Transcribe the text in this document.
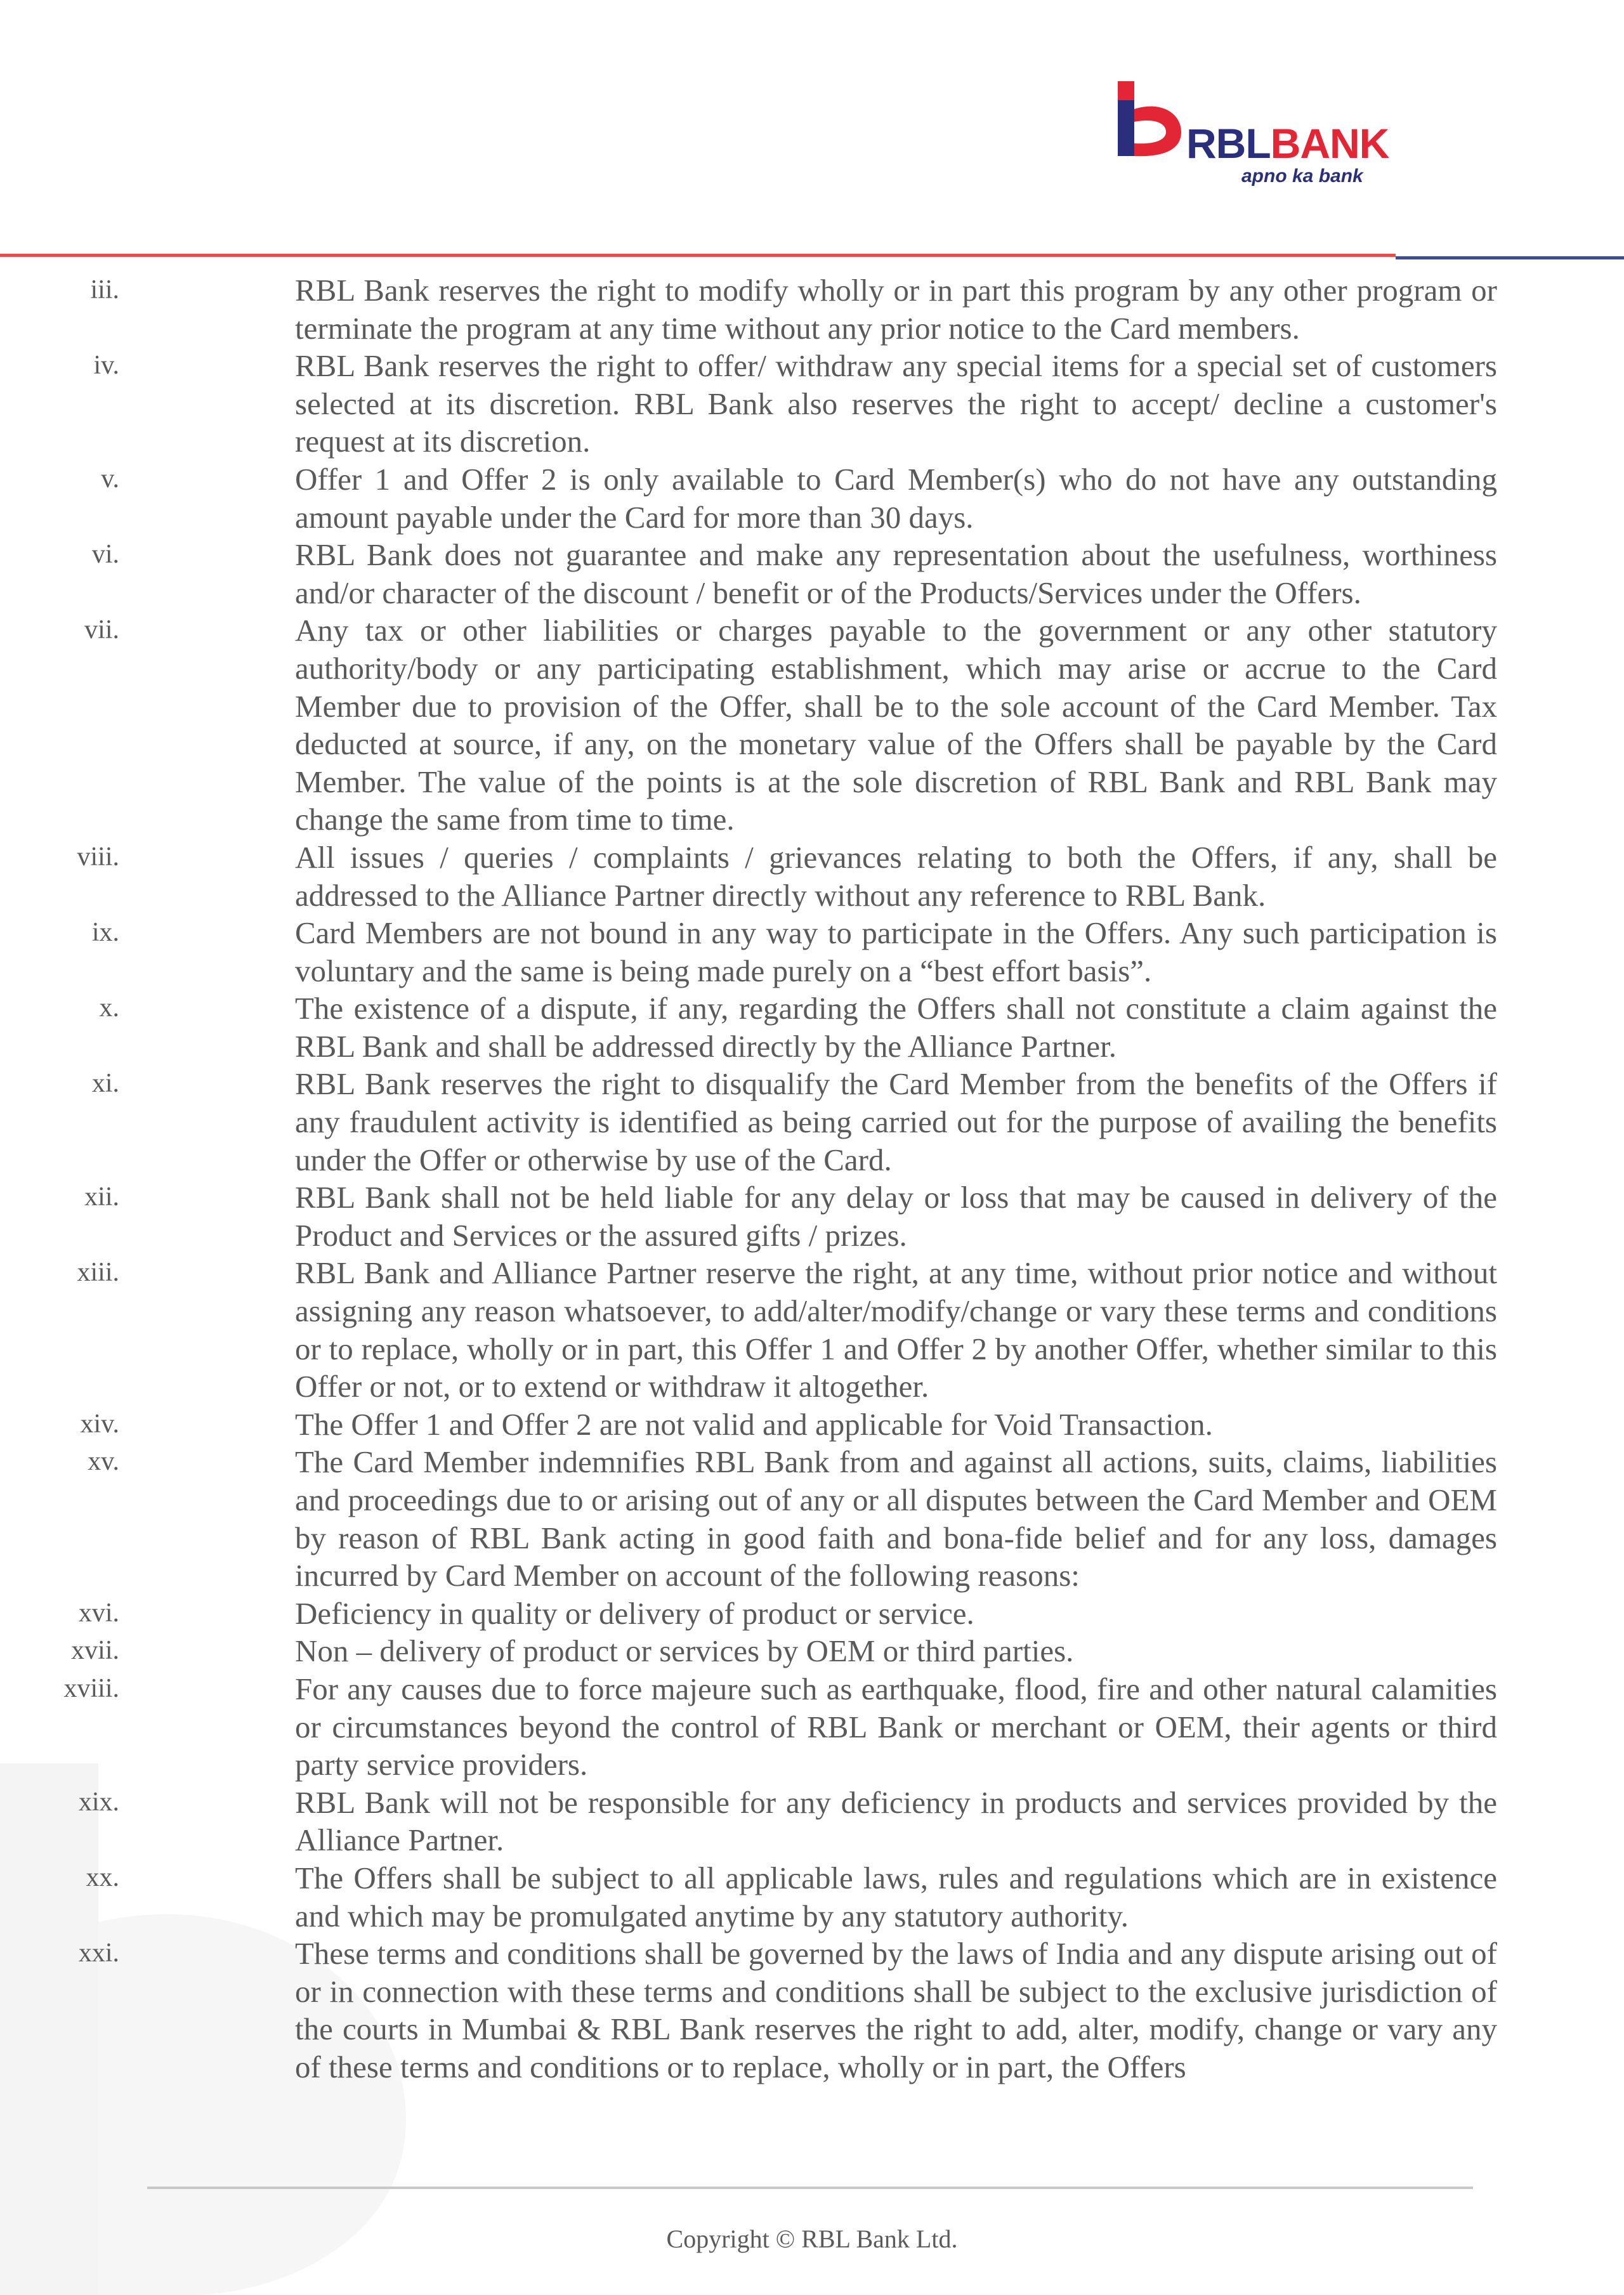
RBLBANK
apno ka bank
iii.	RBL Bank reserves the right to modify wholly or in part this program by any other program or terminate the program at any time without any prior notice to the Card members.
iv.	RBL Bank reserves the right to offer/ withdraw any special items for a special set of customers selected at its discretion. RBL Bank also reserves the right to accept/ decline a customer's request at its discretion.
v.	Offer 1 and Offer 2 is only available to Card Member(s) who do not have any outstanding amount payable under the Card for more than 30 days.
vi.	RBL Bank does not guarantee and make any representation about the usefulness, worthiness and/or character of the discount / benefit or of the Products/Services under the Offers.
vii.	Any tax or other liabilities or charges payable to the government or any other statutory authority/body or any participating establishment, which may arise or accrue to the Card Member due to provision of the Offer, shall be to the sole account of the Card Member. Tax deducted at source, if any, on the monetary value of the Offers shall be payable by the Card Member. The value of the points is at the sole discretion of RBL Bank and RBL Bank may change the same from time to time.
viii.	All issues / queries / complaints / grievances relating to both the Offers, if any, shall be addressed to the Alliance Partner directly without any reference to RBL Bank.
ix.	Card Members are not bound in any way to participate in the Offers. Any such participation is voluntary and the same is being made purely on a “best effort basis”.
x.	The existence of a dispute, if any, regarding the Offers shall not constitute a claim against the RBL Bank and shall be addressed directly by the Alliance Partner.
xi.	RBL Bank reserves the right to disqualify the Card Member from the benefits of the Offers if any fraudulent activity is identified as being carried out for the purpose of availing the benefits under the Offer or otherwise by use of the Card.
xii.	RBL Bank shall not be held liable for any delay or loss that may be caused in delivery of the Product and Services or the assured gifts / prizes.
xiii.	RBL Bank and Alliance Partner reserve the right, at any time, without prior notice and without assigning any reason whatsoever, to add/alter/modify/change or vary these terms and conditions or to replace, wholly or in part, this Offer 1 and Offer 2 by another Offer, whether similar to this Offer or not, or to extend or withdraw it altogether.
xiv.	The Offer 1 and Offer 2 are not valid and applicable for Void Transaction.
xv.	The Card Member indemnifies RBL Bank from and against all actions, suits, claims, liabilities and proceedings due to or arising out of any or all disputes between the Card Member and OEM by reason of RBL Bank acting in good faith and bona-fide belief and for any loss, damages incurred by Card Member on account of the following reasons:
xvi.	Deficiency in quality or delivery of product or service.
xvii.	Non – delivery of product or services by OEM or third parties.
xviii.	For any causes due to force majeure such as earthquake, flood, fire and other natural calamities or circumstances beyond the control of RBL Bank or merchant or OEM, their agents or third party service providers.
xix.	RBL Bank will not be responsible for any deficiency in products and services provided by the Alliance Partner.
xx.	The Offers shall be subject to all applicable laws, rules and regulations which are in existence and which may be promulgated anytime by any statutory authority.
xxi.	These terms and conditions shall be governed by the laws of India and any dispute arising out of or in connection with these terms and conditions shall be subject to the exclusive jurisdiction of the courts in Mumbai & RBL Bank reserves the right to add, alter, modify, change or vary any of these terms and conditions or to replace, wholly or in part, the Offers
Copyright © RBL Bank Ltd.
